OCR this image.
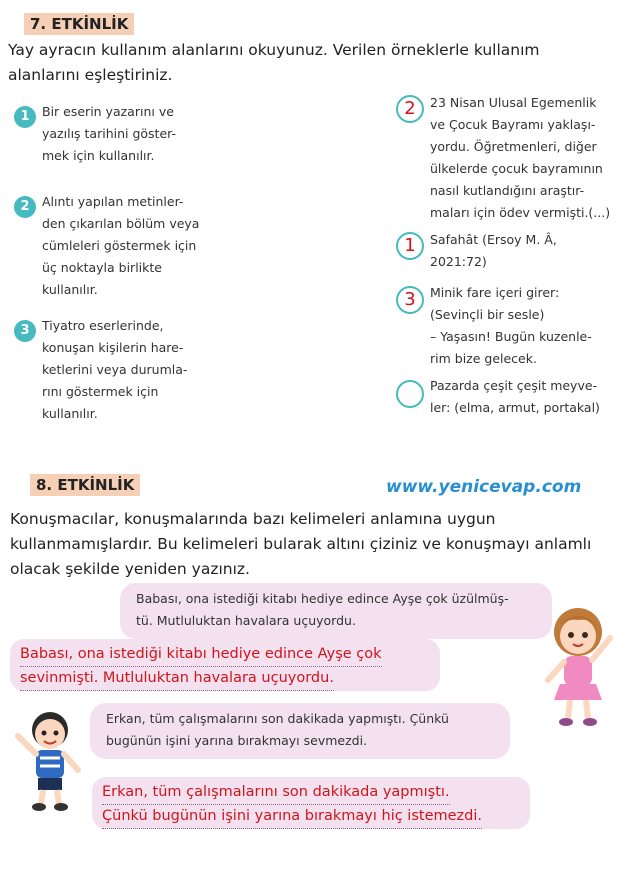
7. ETKİNLİK
Yay ayracın kullanım alanlarını okuyunuz. Verilen örneklerle kullanım alanlarını eşleştiriniz.
1 Bir eserin yazarını ve
yazılış tarihini göster-
mek için kullanılır.
2 Alıntı yapılan metinler-
den çıkarılan bölüm veya
cümleleri göstermek için
üç noktayla birlikte
kullanılır.
3 Tiyatro eserlerinde,
konuşan kişilerin hare-
ketlerini veya durumla-
rını göstermek için
kullanılır.
2	23 Nisan Ulusal Egemenlik
ve Çocuk Bayramı yaklaşı-
yordu. Öğretmenleri, diğer
ülkelerde çocuk bayramının
nasıl kutlandığını araştır-
maları için ödev vermişti.(...)
1	Safahât (Ersoy M. Â,
2021:72)
3	Minik fare içeri girer:
(Sevinçli bir sesle)
– Yaşasın! Bugün kuzenle-
rim bize gelecek.
Pazarda çeşit çeşit meyve-
ler: (elma, armut, portakal)
8. ETKİNLİK	www.yenicevap.com
Konuşmacılar, konuşmalarında bazı kelimeleri anlamına uygun kullanmamışlardır. Bu kelimeleri bularak altını çiziniz ve konuşmayı anlamlı olacak şekilde yeniden yazınız.
Babası, ona istediği kitabı hediye edince Ayşe çok üzülmüş-
tü. Mutluluktan havalara uçuyordu.
Babası, ona istediği kitabı hediye edince Ayşe çok
sevinmişti. Mutluluktan havalara uçuyordu.
Erkan, tüm çalışmalarını son dakikada yapmıştı. Çünkü
bugünün işini yarına bırakmayı sevmezdi.
Erkan, tüm çalışmalarını son dakikada yapmıştı.
Çünkü bugünün işini yarına bırakmayı hiç istemezdi.
